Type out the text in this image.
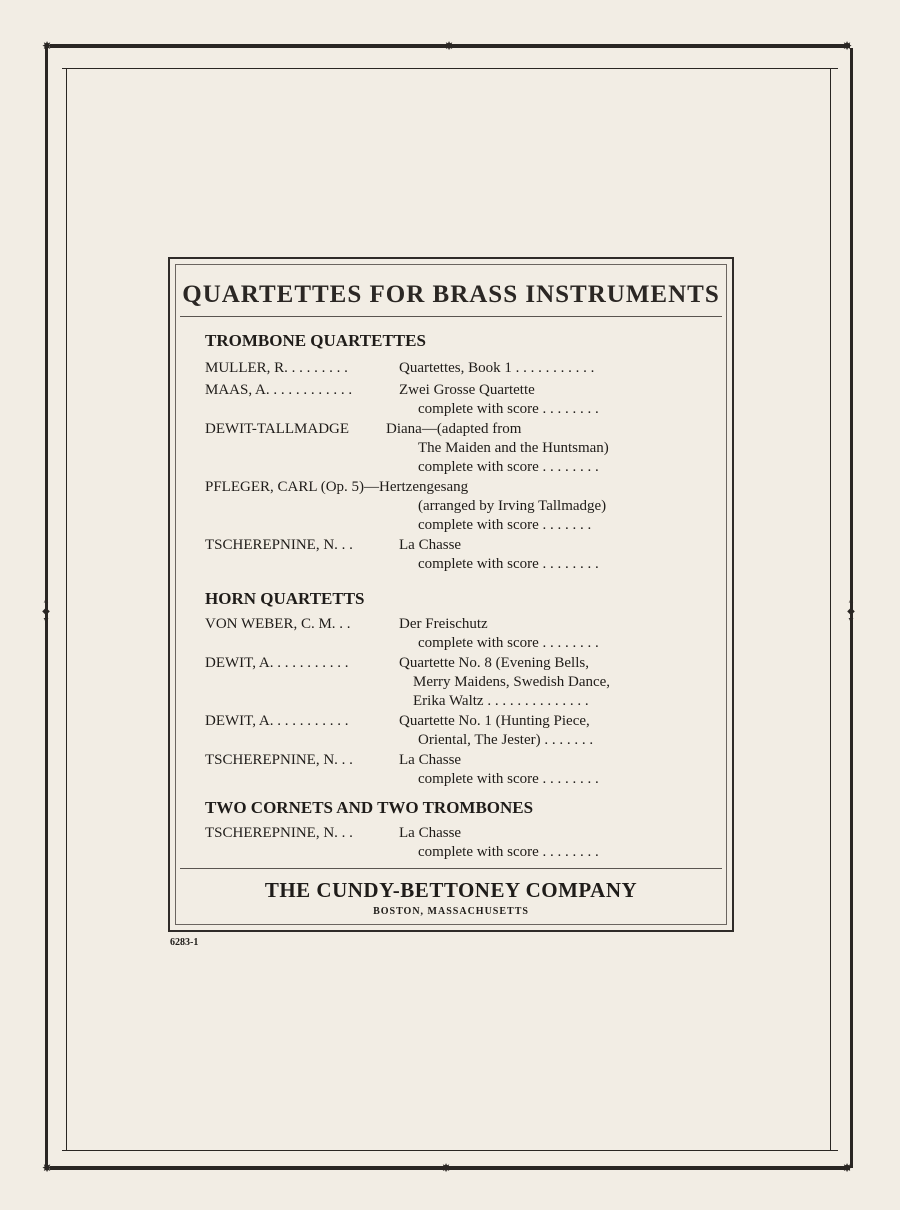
✸	✸	✸
✸	✸	✸
^
◆
v
^
◆
v
QUARTETTES FOR BRASS INSTRUMENTS
TROMBONE QUARTETTES
MULLER, R. . . . . . . . .	Quartettes, Book 1 . . . . . . . . . . .
MAAS, A. . . . . . . . . . . .	Zwei Grosse Quartette
complete with score . . . . . . . .
DEWIT-TALLMADGE Diana—(adapted from
The Maiden and the Huntsman)
complete with score . . . . . . . .
PFLEGER, CARL (Op. 5)—Hertzengesang
(arranged by Irving Tallmadge)
complete with score . . . . . . .
TSCHEREPNINE, N. . .	La Chasse
complete with score . . . . . . . .
HORN QUARTETTS
VON WEBER, C. M. . .	Der Freischutz
complete with score . . . . . . . .
DEWIT, A. . . . . . . . . . .	Quartette No. 8 (Evening Bells,
Merry Maidens, Swedish Dance,
Erika Waltz . . . . . . . . . . . . . .
DEWIT, A. . . . . . . . . . .	Quartette No. 1 (Hunting Piece,
Oriental, The Jester) . . . . . . .
TSCHEREPNINE, N. . .	La Chasse
complete with score . . . . . . . .
TWO CORNETS AND TWO TROMBONES
TSCHEREPNINE, N. . .	La Chasse
complete with score . . . . . . . .
THE CUNDY-BETTONEY COMPANY
BOSTON, MASSACHUSETTS
6283-1
